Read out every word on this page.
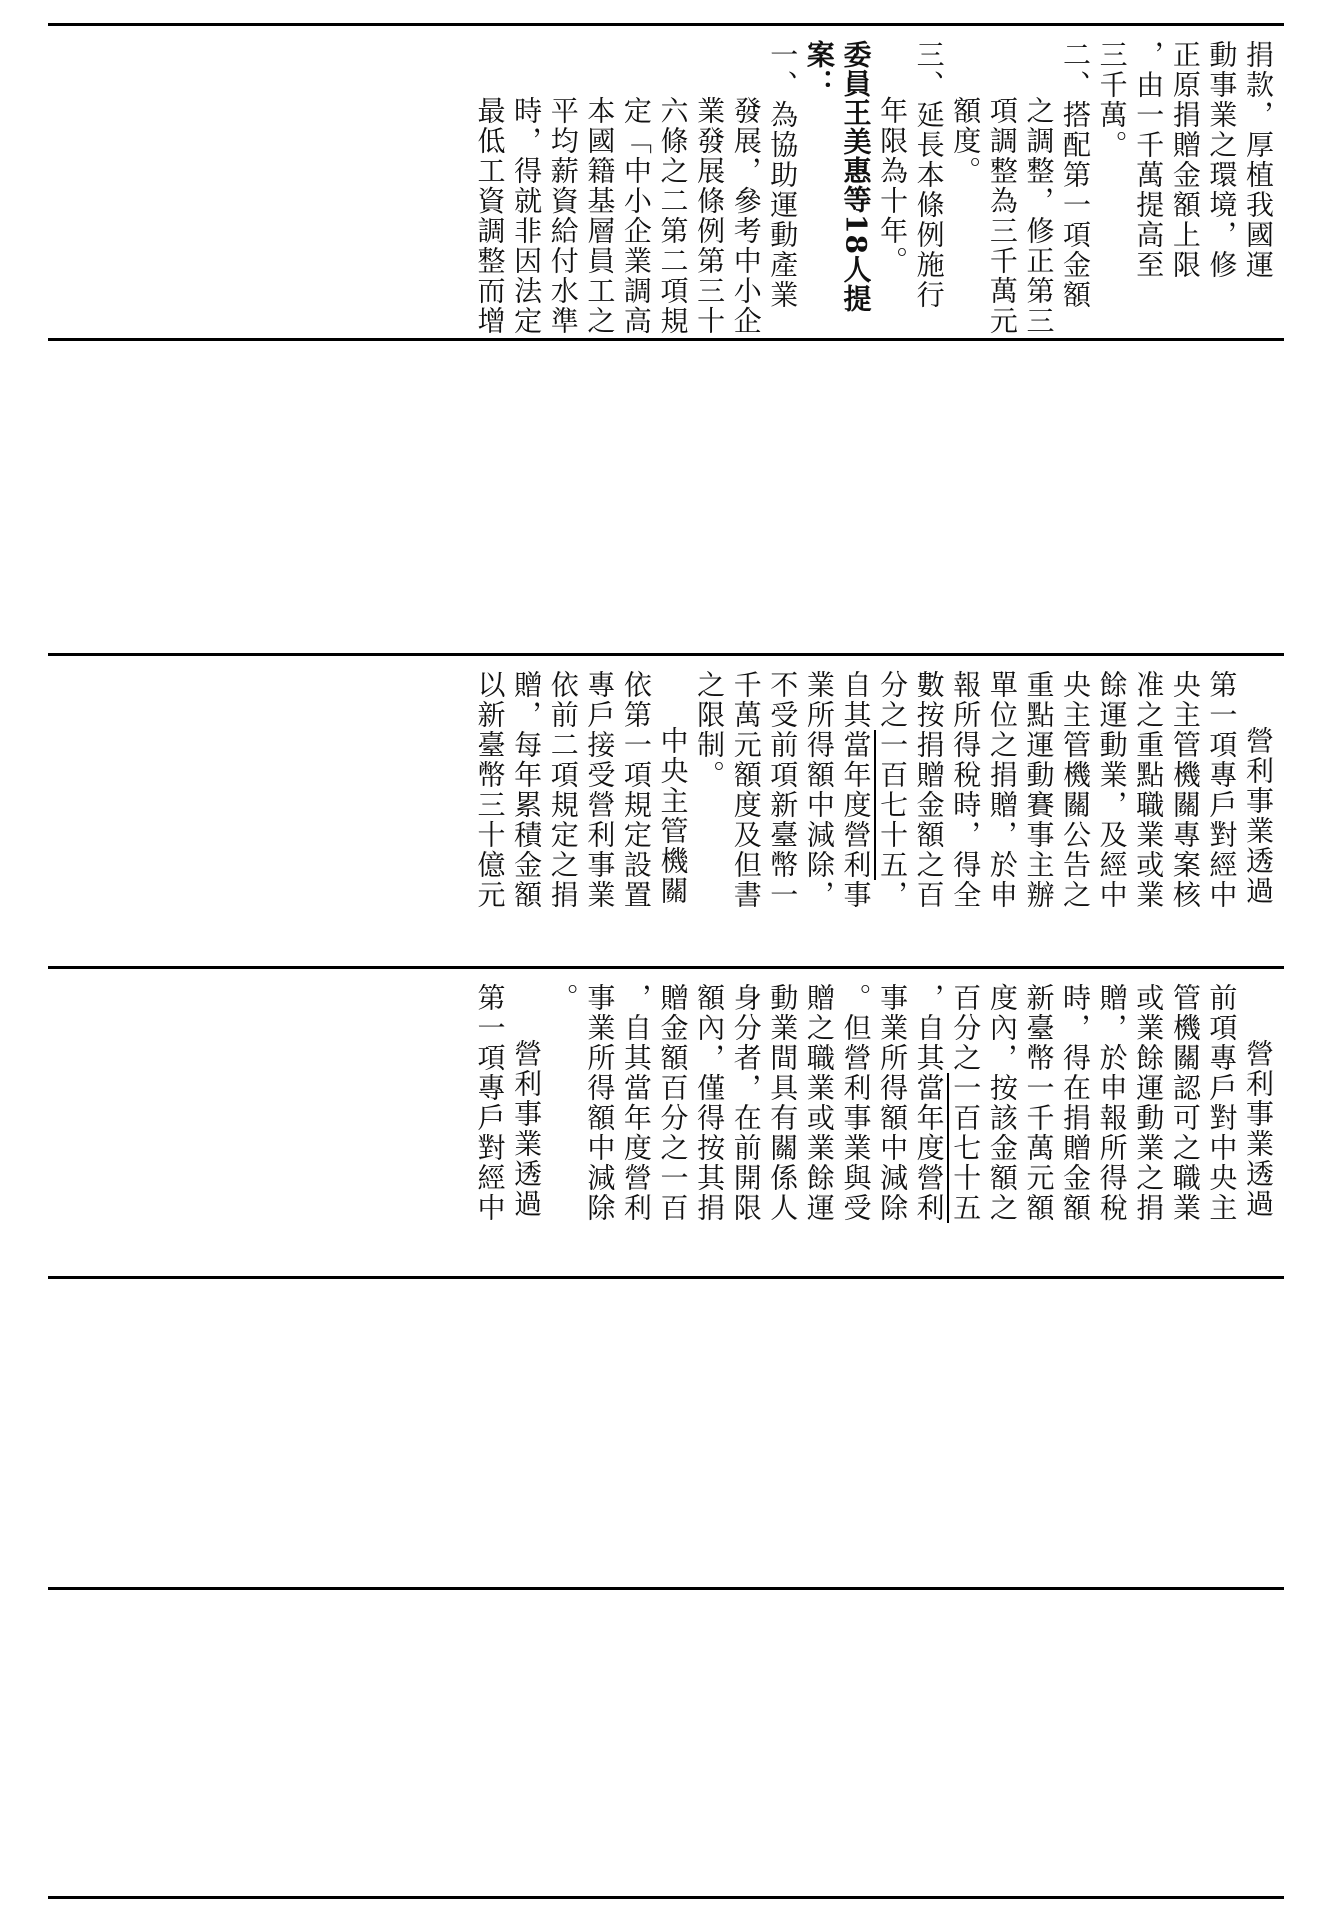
捐款，厚植我國運
動事業之環境，修
正原捐贈金額上限
，由一千萬提高至
三千萬。
二、搭配第一項金額
之調整，修正第三
項調整為三千萬元
額度。
三、延長本條例施行
年限為十年。
委員王美惠等18人提
案：
一、為協助運動產業
發展，參考中小企
業發展條例第三十
六條之二第二項規
定「中小企業調高
本國籍基層員工之
平均薪資給付水準
時，得就非因法定
最低工資調整而增
營利事業透過
第一項專戶對經中
央主管機關專案核
准之重點職業或業
餘運動業，及經中
央主管機關公告之
重點運動賽事主辦
單位之捐贈，於申
報所得稅時，得全
數按捐贈金額之百
分之一百七十五，
自其當年度營利事
業所得額中減除，
不受前項新臺幣一
千萬元額度及但書
之限制。
中央主管機關
依第一項規定設置
專戶接受營利事業
依前二項規定之捐
贈，每年累積金額
以新臺幣三十億元
營利事業透過
前項專戶對中央主
管機關認可之職業
或業餘運動業之捐
贈，於申報所得稅
時，得在捐贈金額
新臺幣一千萬元額
度內，按該金額之
百分之一百七十五
，自其當年度營利
事業所得額中減除
。但營利事業與受
贈之職業或業餘運
動業間具有關係人
身分者，在前開限
額內，僅得按其捐
贈金額百分之一百
，自其當年度營利
事業所得額中減除
。
營利事業透過
第一項專戶對經中
